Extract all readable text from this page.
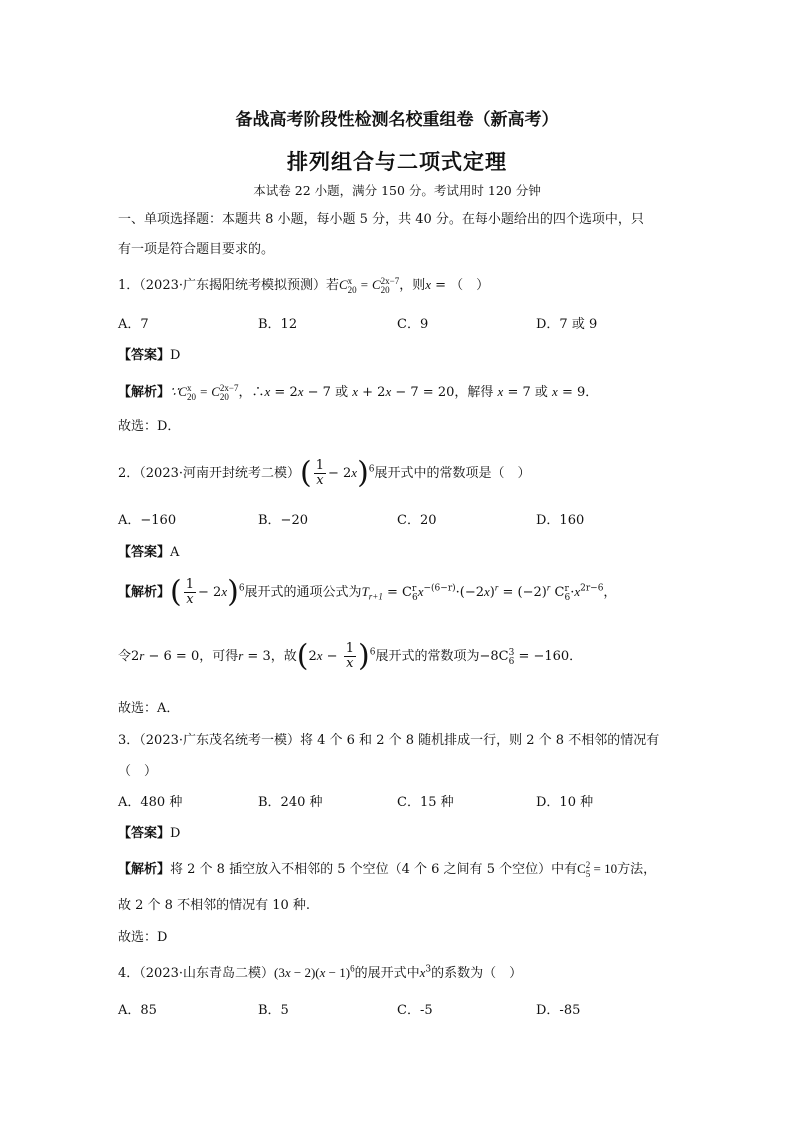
备战高考阶段性检测名校重组卷（新高考）
排列组合与二项式定理
本试卷 22 小题，满分 150 分。考试用时 120 分钟
一、单项选择题：本题共 8 小题，每小题 5 分，共 40 分。在每小题给出的四个选项中，只
有一项是符合题目要求的。
1．（2023·广东揭阳统考模拟预测）若Cx
20 = C2x−7
20 ，则x = （　）
A．7	B．12	C．9	D．7 或 9
【答案】D
【解析】∵Cx
20 = C2x−7
20 ，∴x = 2x − 7 或 x + 2x − 7 = 20，解得 x = 7 或 x = 9．
故选：D．
2．（2023·河南开封统考二模）( $\frac{1}{x} - 2x)^6$展开式中的常数项是（　）
A．−160	B．−20	C．20	D．160
【答案】A
【解析】( $\frac{1}{x} - 2x)^6$展开式的通项公式为$T_{r+1} = Cr$
$6x^{-(6-r)}\cdot(-2x)^r = (-2)^r$ Cr
$6\cdot x^{2r-6}$，
令2r − 6 = 0，可得r = 3，故$(2x - \frac{1}{x} )^6$展开式的常数项为−8C3
6 = −160．
故选：A．
3．（2023·广东茂名统考一模）将 4 个 6 和 2 个 8 随机排成一行，则 2 个 8 不相邻的情况有
（　）
A．480 种	B．240 种	C．15 种	D．10 种
【答案】D
【解析】将 2 个 8 插空放入不相邻的 5 个空位（4 个 6 之间有 5 个空位）中有C2
5 = 10方法，
故 2 个 8 不相邻的情况有 10 种.
故选：D
4．（2023·山东青岛二模）$(3x - 2)(x - 1)^6$的展开式中$x^3$的系数为（　）
A．85	B．5	C．-5	D．-85
